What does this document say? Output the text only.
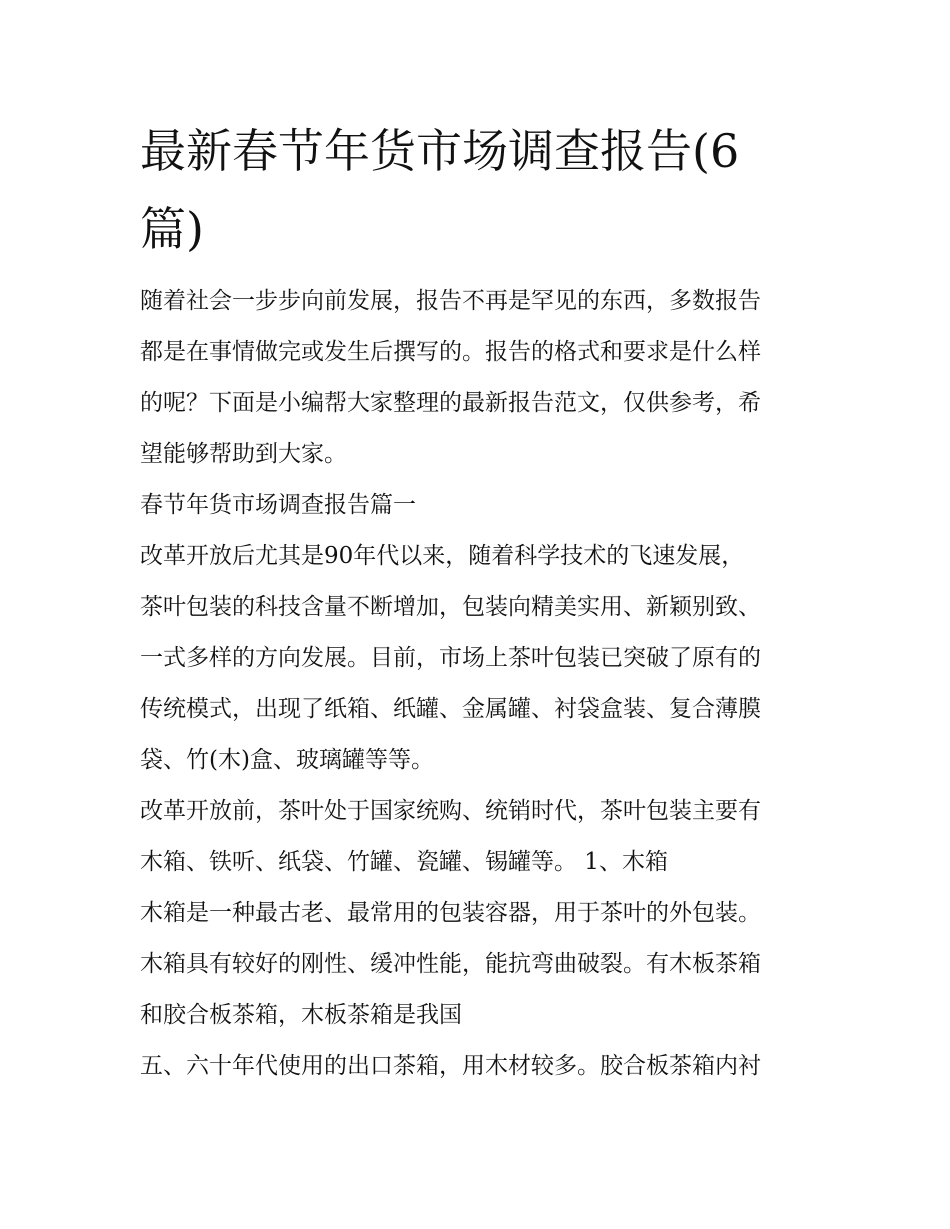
最新春节年货市场调查报告(6
篇)

随着社会一步步向前发展，报告不再是罕见的东西，多数报告
都是在事情做完或发生后撰写的。报告的格式和要求是什么样
的呢？下面是小编帮大家整理的最新报告范文，仅供参考，希
望能够帮助到大家。

春节年货市场调查报告篇一

改革开放后尤其是90年代以来，随着科学技术的飞速发展，
茶叶包装的科技含量不断增加，包装向精美实用、新颖别致、
一式多样的方向发展。目前，市场上茶叶包装已突破了原有的
传统模式，出现了纸箱、纸罐、金属罐、衬袋盒装、复合薄膜
袋、竹(木)盒、玻璃罐等等。

改革开放前，茶叶处于国家统购、统销时代，茶叶包装主要有
木箱、铁听、纸袋、竹罐、瓷罐、锡罐等。 1、木箱

木箱是一种最古老、最常用的包装容器，用于茶叶的外包装。
木箱具有较好的刚性、缓冲性能，能抗弯曲破裂。有木板茶箱
和胶合板茶箱，木板茶箱是我国

五、六十年代使用的出口茶箱，用木材较多。胶合板茶箱内衬
